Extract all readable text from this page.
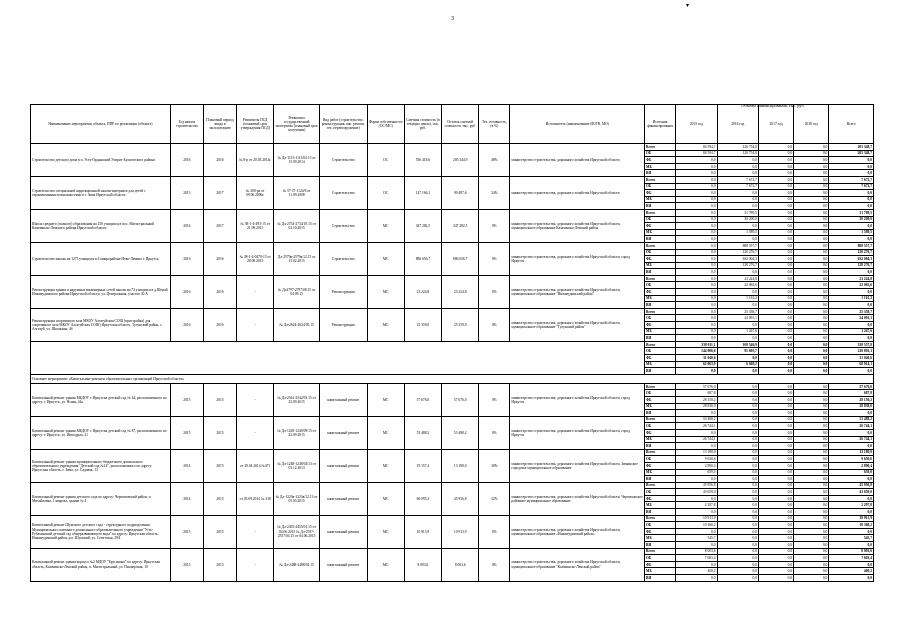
3
▾
Объемы финансирования, тыс. руб.
Наименование мероприятия, объекта, ППР по реализации (объекта)	Год начала строительства	Плановый период ввода в эксплуатацию	Реквизиты ПСД (плановый срок утверждения ПСД)	Реквизиты государственной экспертизы (плановый срок получения)	Вид работ (строительство, реконструкция, кап. ремонт, тех. перевооружение)	Форма собственности (ОС/МС)	Сметная стоимость (в текущих ценах), тыс. руб.	Остаток сметной стоимости, тыс. руб.	Тех. готовность, (в %)	Исполнитель (наименование ИОГВ, МО)	Источник финансирования	2015 год	2016 год	2017 год	2018 год	Всего
Строительство детского дома в п. Усть-Ордынский Эхирит-Булагатского района	2016	2016	№ 8-р от 20.05.2014г.	№ Дл-1113-1113/04.15 от 15.09.2014	Строительство	ОС	556 418,6	205 344,9	48%	министерство строительства, дорожного хозяйства Иркутской области	Всего	84 594,7	120 754,0	0,0	0,0	205 348,7
											ОБ	84 594,7	120 754,0	0,0	0,0	205 348,7
											ФБ	0,0	0,0	0,0	0,0	0,0
											МБ	0,0	0,0	0,0	0,0	0,0
											ВИ	0,0	0,0	0,0	0,0	0,0
Строительство специальной коррекционной школы-интерната для детей с ограниченными возможностями в г. Зима Иркутской области	2013	2017	№ 300-ра от 09.06.2006г.	№ 37-37-1124/8 от 11.09.2008	Строительство	ОС	147 166,1	90 487,6	34%	министерство строительства, дорожного хозяйства Иркутской области	Всего	0,0	7 672,7	0,0	0,0	7 672,7
											ОБ	0,0	7 672,7	0,0	0,0	7 672,7
											ФБ	0,0	0,0	0,0	0,0	0,0
											МБ	0,0	0,0	0,0	0,0	0,0
											ВИ	0,0	0,0	0,0	0,0	0,0
Школа среднего (полного) образования на 250 учащихся в пос. Магистральный Казачинско-Ленского района Иркутской области	2016	2017	№ 38-1-4-493-15 от 21.09.2015	№ Дл-2734-2734/10.15 от 02.10.2015	Строительство	МС	347 282,5	347 282,5	0%	министерство строительства, дорожного хозяйства Иркутской области, муниципальное образование Казачинско-Ленский район	Всего	0,0	31 789,5	0,0	0,0	31 789,5
											ОБ	0,0	30 200,0	0,0	0,0	30 200,0
											ФБ	0,0	0,0	0,0	0,0	0,0
											МБ	0,0	1 589,5	0,0	0,0	1 589,5
											ВИ	0,0	0,0	0,0	0,0	0,0
Строительство школы на 1275 учащихся в 6 микрорайоне Ново-Ленино г. Иркутск	2016	2016	№ 38-1-4-0479-15 от 28.08.2015	Дл-2579в-2579в/12.15 от 15.02.2015	Строительство	МС	886 656,7	886 656,7	0%	министерство строительства, дорожного хозяйства Иркутской области, город Иркутск	Всего	0,0	888 557,7	0,0	0,0	888 557,7
											ОБ	0,0	120 276,7	0,0	0,0	120 276,7
											ФБ	0,0	632 004,3	0,0	0,0	632 004,3
											МБ	0,0	128 276,7	0,0	0,0	128 276,7
											ВИ	0,0	0,0	0,0	0,0	0,0
Реконструкция здания и наружных инженерных сетей школы на 72 учащихся в д.Шерой Нижнеудинского района Иркутской области, ул. Центральная, участок 30 А	2016	2016	-	№ Дл2797-2797/08.15 от 04.09.15	Реконструкция	МС	23 224,8	23 224,8	0%	министерство строительства, дорожного хозяйства Иркутской области, муниципальное образование "Нижнеудинский район"	Всего	0,0	23 224,8	0,0	0,0	23 224,8
											ОБ	0,0	22 063,6	0,0	0,0	22 063,6
											ФБ	0,0	0,0	0,0	0,0	0,0
											МБ	0,0	1 161,2	0,0	0,0	1 161,2
											ВИ	0,0	0,0	0,0	0,0	0,0
Реконструкция спортивного зала МКОУ Алгатуйская СОШ (пристройка) для спортивного зала МКОУ Алгатуйская СОШ) Иркутская область, Тулунский район, с. Алгатуй, ул. Школьная, 4б	2016	2016	-	№ Дл-2624-2624/05.15	Реконструкция	МС	25 359,0	25 359,0	0%	министерство строительства, дорожного хозяйства Иркутской области, муниципальное образование "Тулунский район"	Всего	0,0	25 358,7	0,0	0,0	25 358,7
											ОБ	0,0	24 091,1	0,0	0,0	24 091,1
											ФБ	0,0	0,0	0,0	0,0	0,0
											МБ	0,0	1 267,6	0,0	0,0	1 267,6
											ВИ	0,0	0,0	0,0	0,0	0,0
											Всего	238 011,1	100 546,9	0,0	0,0	338 557,8
											ОБ	144 906,6	95 695,7	0,0	0,0	238 892,3
											ФБ	31 040,6	0,0	0,0	0,0	31 040,6
											МБ	62 063,9	6 849,2	0,0	0,0	68 914,1
											ВИ	0,0	0,0	0,0	0,0	0,0
Основное мероприятие «Капитальные ремонты образовательных организаций Иркутской области»																
Капитальный ремонт здания МБДОУ г. Иркутска детский сад № 44, расположенного по адресу: г. Иркутск, ул. Ясная, 44а	2015	2015	-	№ Дл-2542-2542/03.15 от 22.09.2015	капитальный ремонт	МС	57 676,0	57 676,0	0%	министерство строительства, дорожного хозяйства Иркутской области, город Иркутск	Всего	57 676,0	0,0	0,0	0,0	57 676,0
											ОБ	687,8	0,0	0,0	0,0	687,8
											ФБ	28 150,2	0,0	0,0	0,0	28 150,2
											МБ	28 838,0	0,0	0,0	0,0	28 838,0
											ВИ	0,0	0,0	0,0	0,0	0,0
Капитальный ремонт здания МБДОУ г. Иркутска детский сад № 87, расположенного по адресу: г. Иркутск, ул. Ипподром, 21	2015	2015	-	№ Дл-1249-1249/09/15 от 22.09.2015	капитальный ремонт	МС	53 488,2	53 488,2	0%	министерство строительства, дорожного хозяйства Иркутской области, город Иркутск	Всего	53 488,2	0,0	0,0	0,0	53 488,2
											ОБ	26 744,1	0,0	0,0	0,0	26 744,1
											ФБ	0,0	0,0	0,0	0,0	0,0
											МБ	26 744,1	0,0	0,0	0,0	26 744,1
											ВИ	0,0	0,0	0,0	0,0	0,0
Капитальный ремонт здания муниципального бюджетного дошкольного образовательного учреждения "Детский сад №14", расположенного по адресу: Иркутская область, г. Зима, ул. Садовая, 13	2014	2015	от 29.04.2014 №471	№ Дл-1248-1248/04/13 от 03.12.2013	капитальный ремонт	МС	19 157,4	13 180,0	30%	министерство строительства, дорожного хозяйства Иркутской области, Зиминское городское муниципальное образование	Всего	13 180,0	0,0	0,0	0,0	13 180,0
											ОБ	9 650,6	0,0	0,0	0,0	9 650,6
											ФБ	2 890,4	0,0	0,0	0,0	2 890,4
											МБ	659,0	0,0	0,0	0,0	659,0
											ВИ	0,0	0,0	0,0	0,0	0,0
Капитальный ремонт здания детского сада по адресу: Черемховский район, п. Михайловка, 1 квартал, здание № 4	2014	2015	от 03.09.2014 № 338	№ Дл-1223в-1223в/12.13 от 05.03.2015	капитальный ремонт	МС	66 095,3	45 956,8	32%	министерство строительства, дорожного хозяйства Иркутской области, Черемховское районное муниципальное образование	Всего	45 956,8	0,0	0,0	0,0	45 956,8
											ОБ	43 659,0	0,0	0,0	0,0	43 659,0
											ФБ	0,0	0,0	0,0	0,0	0,0
											МБ	2 297,8	0,0	0,0	0,0	2 297,8
											ВИ	0,0	0,0	0,0	0,0	0,0
Капитальный ремонт Шумского детского сада - структурного подразделения Муниципального казенного дошкольного образовательного учреждения "Усть-Рубахинский детский сад общеразвивающего вида" по адресу: Иркутская область, Нижнеудинский район, р.п. Шумский, ул. Советская, 29А	2015	2015	-	№ Дл-2455-2455/01.15 от 04.06.2015 № Дл-2557-2557/04.15 от 04.06.2015	капитальный ремонт	МС	10 913,9	10 913,9	0%	министерство строительства, дорожного хозяйства Иркутской области, муниципальное образование «Нижнеудинский район»	Всего	10 913,9	0,0	0,0	0,0	10 913,9
											ОБ	10 368,2	0,0	0,0	0,0	10 368,2
											ФБ	0,0	0,0	0,0	0,0	0,0
											МБ	545,7	0,0	0,0	0,0	545,7
											ВИ	0,0	0,0	0,0	0,0	0,0
Капитальный ремонт здания корпуса №2 МДОУ "Брусничка" по адресу: Иркутская область, Казачинско-Ленский район, п. Магистральный, ул. Пионерская, 10	2015	2015	-	№ Дл-2488-2488/02.15	капитальный ремонт	МС	8 003,6	8 003,6	0%	министерство строительства, дорожного хозяйства Иркутской области, муниципальное образование "Казачинско-Ленский район"	Всего	8 003,6	0,0	0,0	0,0	8 003,6
											ОБ	7 603,4	0,0	0,0	0,0	7 603,4
											ФБ	0,0	0,0	0,0	0,0	0,0
											МБ	400,2	0,0	0,0	0,0	400,2
											ВИ	0,0	0,0	0,0	0,0	0,0
